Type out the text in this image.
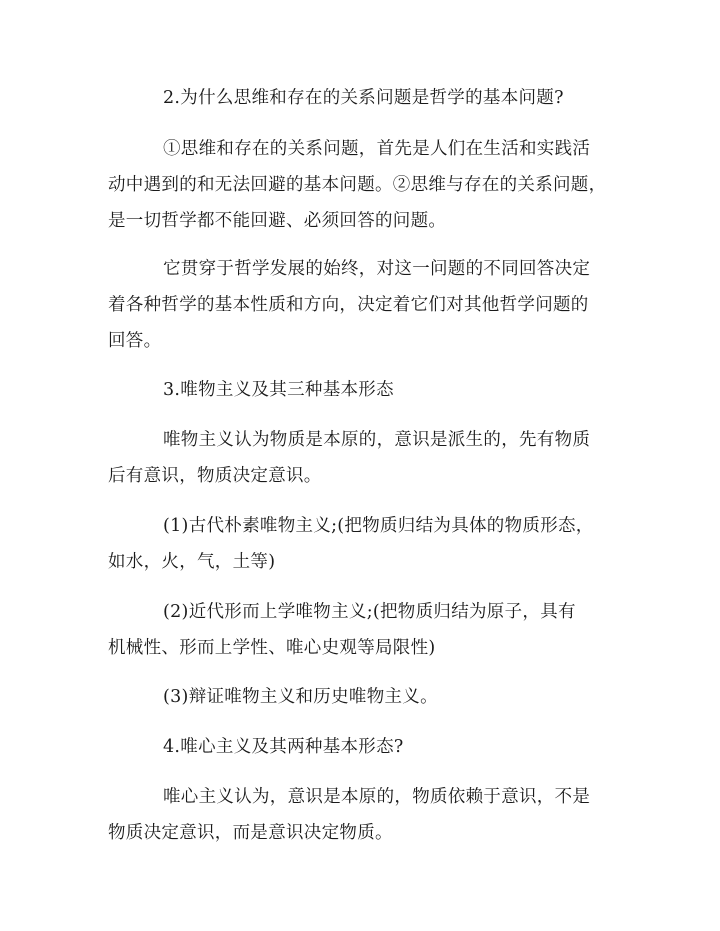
2.为什么思维和存在的关系问题是哲学的基本问题?

①思维和存在的关系问题，首先是人们在生活和实践活
动中遇到的和无法回避的基本问题。②思维与存在的关系问题，
是一切哲学都不能回避、必须回答的问题。

它贯穿于哲学发展的始终，对这一问题的不同回答决定
着各种哲学的基本性质和方向，决定着它们对其他哲学问题的
回答。

3.唯物主义及其三种基本形态

唯物主义认为物质是本原的，意识是派生的，先有物质
后有意识，物质决定意识。

(1)古代朴素唯物主义;(把物质归结为具体的物质形态，
如水，火，气，土等)

(2)近代形而上学唯物主义;(把物质归结为原子，具有
机械性、形而上学性、唯心史观等局限性)

(3)辩证唯物主义和历史唯物主义。

4.唯心主义及其两种基本形态?

唯心主义认为，意识是本原的，物质依赖于意识，不是
物质决定意识，而是意识决定物质。
